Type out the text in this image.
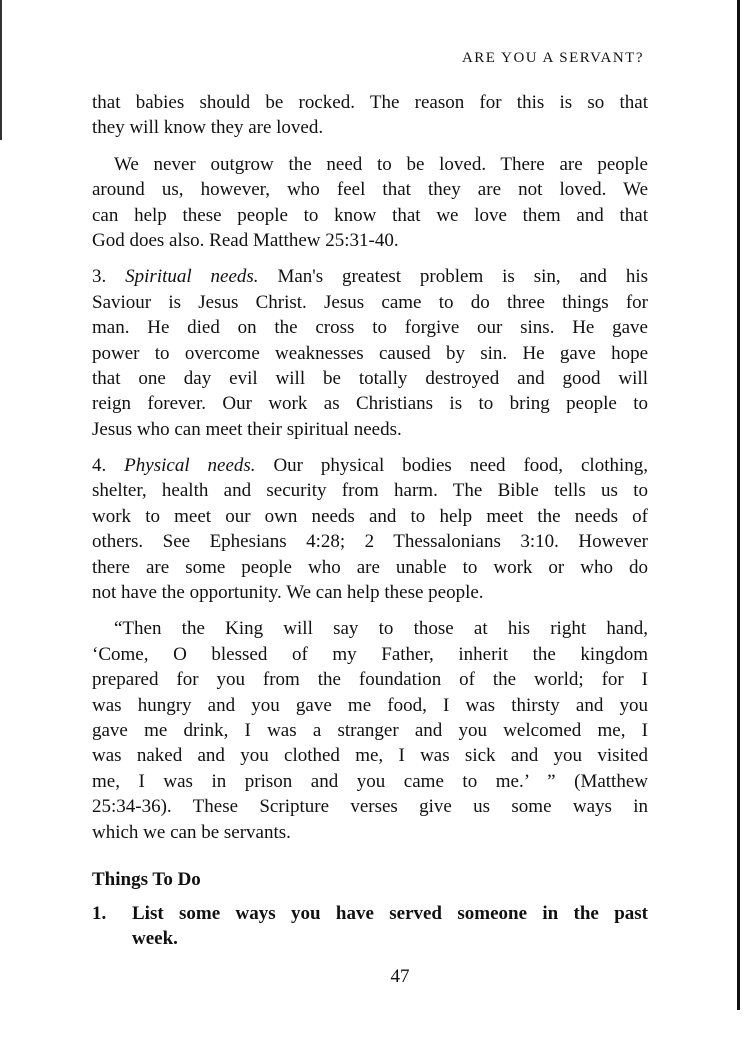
ARE YOU A SERVANT?
that babies should be rocked. The reason for this is so that
they will know they are loved.
We never outgrow the need to be loved. There are people
around us, however, who feel that they are not loved. We
can help these people to know that we love them and that
God does also. Read Matthew 25:31-40.
3. Spiritual needs. Man's greatest problem is sin, and his
Saviour is Jesus Christ. Jesus came to do three things for
man. He died on the cross to forgive our sins. He gave
power to overcome weaknesses caused by sin. He gave hope
that one day evil will be totally destroyed and good will
reign forever. Our work as Christians is to bring people to
Jesus who can meet their spiritual needs.
4. Physical needs. Our physical bodies need food, clothing,
shelter, health and security from harm. The Bible tells us to
work to meet our own needs and to help meet the needs of
others. See Ephesians 4:28; 2 Thessalonians 3:10. However
there are some people who are unable to work or who do
not have the opportunity. We can help these people.
“Then the King will say to those at his right hand,
‘Come, O blessed of my Father, inherit the kingdom
prepared for you from the foundation of the world; for I
was hungry and you gave me food, I was thirsty and you
gave me drink, I was a stranger and you welcomed me, I
was naked and you clothed me, I was sick and you visited
me, I was in prison and you came to me.’ ” (Matthew
25:34-36). These Scripture verses give us some ways in
which we can be servants.
Things To Do
1.	List some ways you have served someone in the past
week.
47
